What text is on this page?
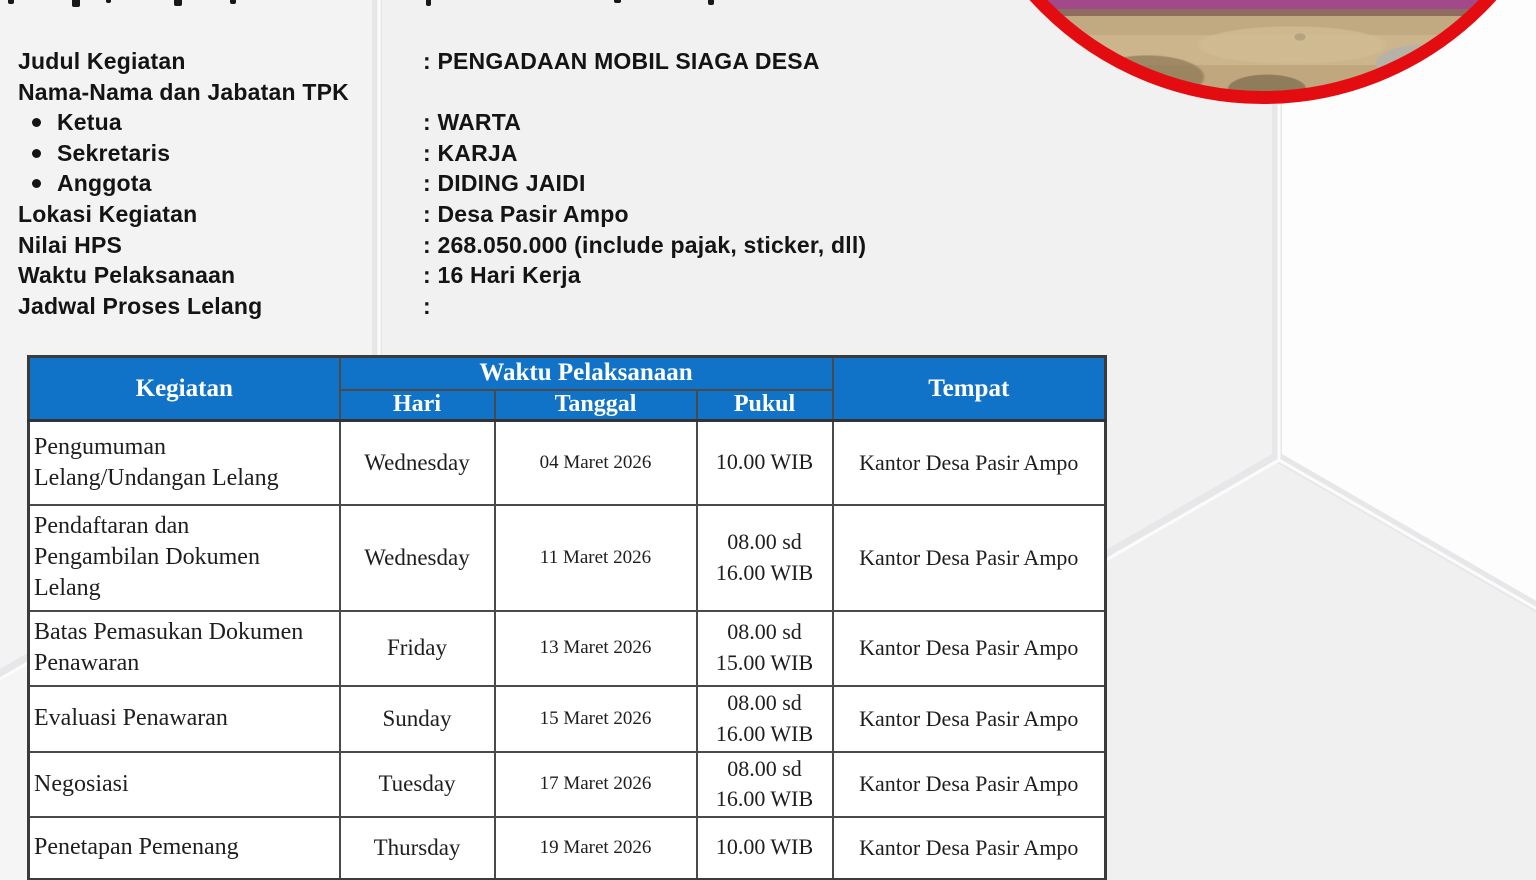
Judul Kegiatan	: PENGADAAN MOBIL SIAGA DESA
Nama-Nama dan Jabatan TPK
Ketua	: WARTA
Sekretaris	: KARJA
Anggota	: DIDING JAIDI
Lokasi Kegiatan	: Desa Pasir Ampo
Nilai HPS	: 268.050.000 (include pajak, sticker, dll)
Waktu Pelaksanaan	: 16 Hari Kerja
Jadwal Proses Lelang	:
Kegiatan	Waktu Pelaksanaan			Tempat
	Hari	Tanggal	Pukul	
Pengumuman
Lelang/Undangan Lelang	Wednesday	04 Maret 2026	10.00 WIB	Kantor Desa Pasir Ampo
Pendaftaran dan
Pengambilan Dokumen
Lelang	Wednesday	11 Maret 2026	08.00 sd
16.00 WIB	Kantor Desa Pasir Ampo
Batas Pemasukan Dokumen
Penawaran	Friday	13 Maret 2026	08.00 sd
15.00 WIB	Kantor Desa Pasir Ampo
Evaluasi Penawaran	Sunday	15 Maret 2026	08.00 sd
16.00 WIB	Kantor Desa Pasir Ampo
Negosiasi	Tuesday	17 Maret 2026	08.00 sd
16.00 WIB	Kantor Desa Pasir Ampo
Penetapan Pemenang	Thursday	19 Maret 2026	10.00 WIB	Kantor Desa Pasir Ampo
